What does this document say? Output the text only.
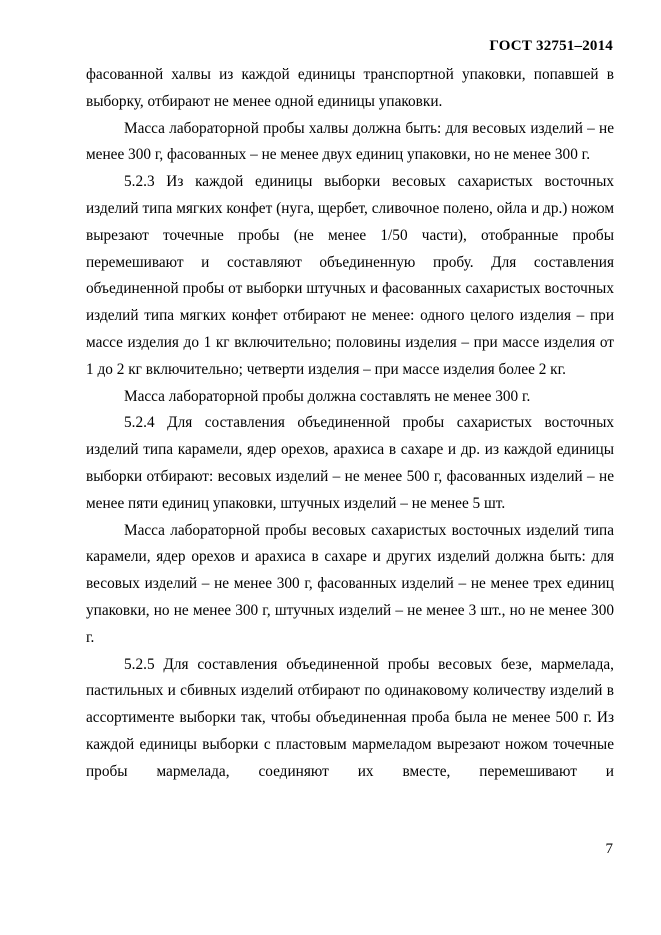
ГОСТ 32751–2014

фасованной халвы из каждой единицы транспортной упаковки, попавшей в выборку, отбирают не менее одной единицы упаковки.

Масса лабораторной пробы халвы должна быть: для весовых изделий – не менее 300 г, фасованных – не менее двух единиц упаковки, но не менее 300 г.

5.2.3 Из каждой единицы выборки весовых сахаристых восточных изделий типа мягких конфет (нуга, щербет, сливочное полено, ойла и др.) ножом вырезают точечные пробы (не менее 1/50 части), отобранные пробы перемешивают и составляют объединенную пробу. Для составления объединенной пробы от выборки штучных и фасованных сахаристых восточных изделий типа мягких конфет отбирают не менее: одного целого изделия – при массе изделия до 1 кг включительно; половины изделия – при массе изделия от 1 до 2 кг включительно; четверти изделия – при массе изделия более 2 кг.

Масса лабораторной пробы должна составлять не менее 300 г.

5.2.4 Для составления объединенной пробы сахаристых восточных изделий типа карамели, ядер орехов, арахиса в сахаре и др. из каждой единицы выборки отбирают: весовых изделий – не менее 500 г, фасованных изделий – не менее пяти единиц упаковки, штучных изделий – не менее 5 шт.

Масса лабораторной пробы весовых сахаристых восточных изделий типа карамели, ядер орехов и арахиса в сахаре и других изделий должна быть: для весовых изделий – не менее 300 г, фасованных изделий – не менее трех единиц упаковки, но не менее 300 г, штучных изделий – не менее 3 шт., но не менее 300 г.

5.2.5 Для составления объединенной пробы весовых безе, мармелада, пастильных и сбивных изделий отбирают по одинаковому количеству изделий в ассортименте выборки так, чтобы объединенная проба была не менее 500 г. Из каждой единицы выборки с пластовым мармеладом вырезают ножом точечные пробы мармелада, соединяют их вместе, перемешивают и

7
